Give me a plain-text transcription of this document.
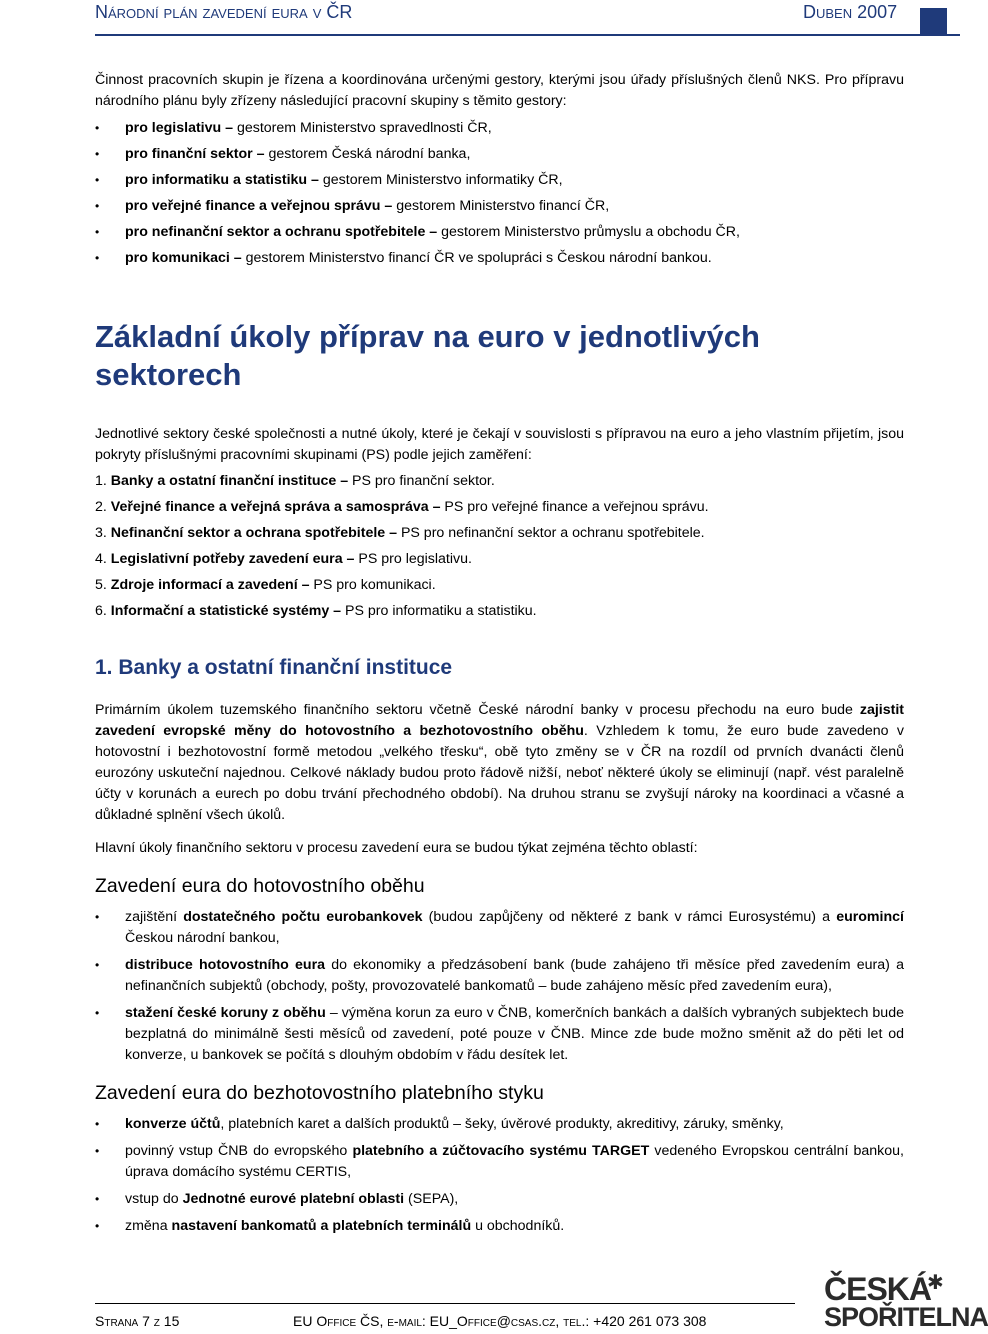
Národní plán zavedení eura v ČR	Duben 2007

Činnost pracovních skupin je řízena a koordinována určenými gestory, kterými jsou úřady příslušných členů NKS. Pro přípravu národního plánu byly zřízeny následující pracovní skupiny s těmito gestory:

• pro legislativu – gestorem Ministerstvo spravedlnosti ČR,
• pro finanční sektor – gestorem Česká národní banka,
• pro informatiku a statistiku – gestorem Ministerstvo informatiky ČR,
• pro veřejné finance a veřejnou správu – gestorem Ministerstvo financí ČR,
• pro nefinanční sektor a ochranu spotřebitele – gestorem Ministerstvo průmyslu a obchodu ČR,
• pro komunikaci – gestorem Ministerstvo financí ČR ve spolupráci s Českou národní bankou.
Základní úkoly příprav na euro v jednotlivých sektorech

Jednotlivé sektory české společnosti a nutné úkoly, které je čekají v souvislosti s přípravou na euro a jeho vlastním přijetím, jsou pokryty příslušnými pracovními skupinami (PS) podle jejich zaměření:

1. Banky a ostatní finanční instituce – PS pro finanční sektor.
2. Veřejné finance a veřejná správa a samospráva – PS pro veřejné finance a veřejnou správu.
3. Nefinanční sektor a ochrana spotřebitele – PS pro nefinanční sektor a ochranu spotřebitele.
4. Legislativní potřeby zavedení eura – PS pro legislativu.
5. Zdroje informací a zavedení – PS pro komunikaci.
6. Informační a statistické systémy – PS pro informatiku a statistiku.
1. Banky a ostatní finanční instituce

Primárním úkolem tuzemského finančního sektoru včetně České národní banky v procesu přechodu na euro bude zajistit zavedení evropské měny do hotovostního a bezhotovostního oběhu. Vzhledem k tomu, že euro bude zavedeno v hotovostní i bezhotovostní formě metodou „velkého třesku“, obě tyto změny se v ČR na rozdíl od prvních dvanácti členů eurozóny uskuteční najednou. Celkové náklady budou proto řádově nižší, neboť některé úkoly se eliminují (např. vést paralelně účty v korunách a eurech po dobu trvání přechodného období). Na druhou stranu se zvyšují nároky na koordinaci a včasné a důkladné splnění všech úkolů.

Hlavní úkoly finančního sektoru v procesu zavedení eura se budou týkat zejména těchto oblastí:

Zavedení eura do hotovostního oběhu
• zajištění dostatečného počtu eurobankovek (budou zapůjčeny od některé z bank v rámci Eurosystému) a euromincí Českou národní bankou,
• distribuce hotovostního eura do ekonomiky a předzásobení bank (bude zahájeno tři měsíce před zavedením eura) a nefinančních subjektů (obchody, pošty, provozovatelé bankomatů – bude zahájeno měsíc před zavedením eura),
• stažení české koruny z oběhu – výměna korun za euro v ČNB, komerčních bankách a dalších vybraných subjektech bude bezplatná do minimálně šesti měsíců od zavedení, poté pouze v ČNB. Mince zde bude možno směnit až do pěti let od konverze, u bankovek se počítá s dlouhým obdobím v řádu desítek let.
Zavedení eura do bezhotovostního platebního styku
• konverze účtů, platebních karet a dalších produktů – šeky, úvěrové produkty, akreditivy, záruky, směnky,
• povinný vstup ČNB do evropského platebního a zúčtovacího systému TARGET vedeného Evropskou centrální bankou, úprava domácího systému CERTIS,
• vstup do Jednotné eurové platební oblasti (SEPA),
• změna nastavení bankomatů a platebních terminálů u obchodníků.
Strana 7 z 15	EU Office ČS, e-mail: EU_Office@csas.cz, tel.: +420 261 073 308
ČESKÁ
SPOŘITELNA
✱
